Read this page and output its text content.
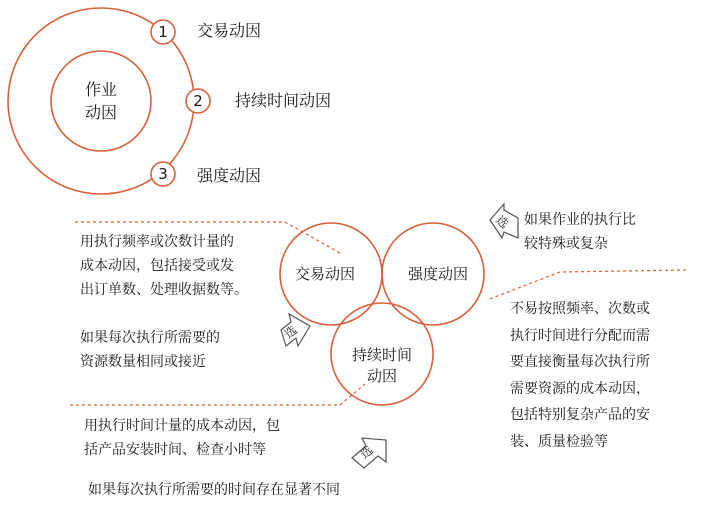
作业
动因
1
2
3
交易动因
持续时间动因
强度动因
交易动因	强度动因
持续时间
动因
选
选
选
用执行频率或次数计量的
成本动因，包括接受或发
出订单数、处理收据数等。
如果每次执行所需要的
资源数量相同或接近
如果作业的执行比
较特殊或复杂
不易按照频率、次数或
执行时间进行分配而需
要直接衡量每次执行所
需要资源的成本动因，
包括特别复杂产品的安
装、质量检验等
用执行时间计量的成本动因，包
括产品安装时间、检查小时等
如果每次执行所需要的时间存在显著不同
